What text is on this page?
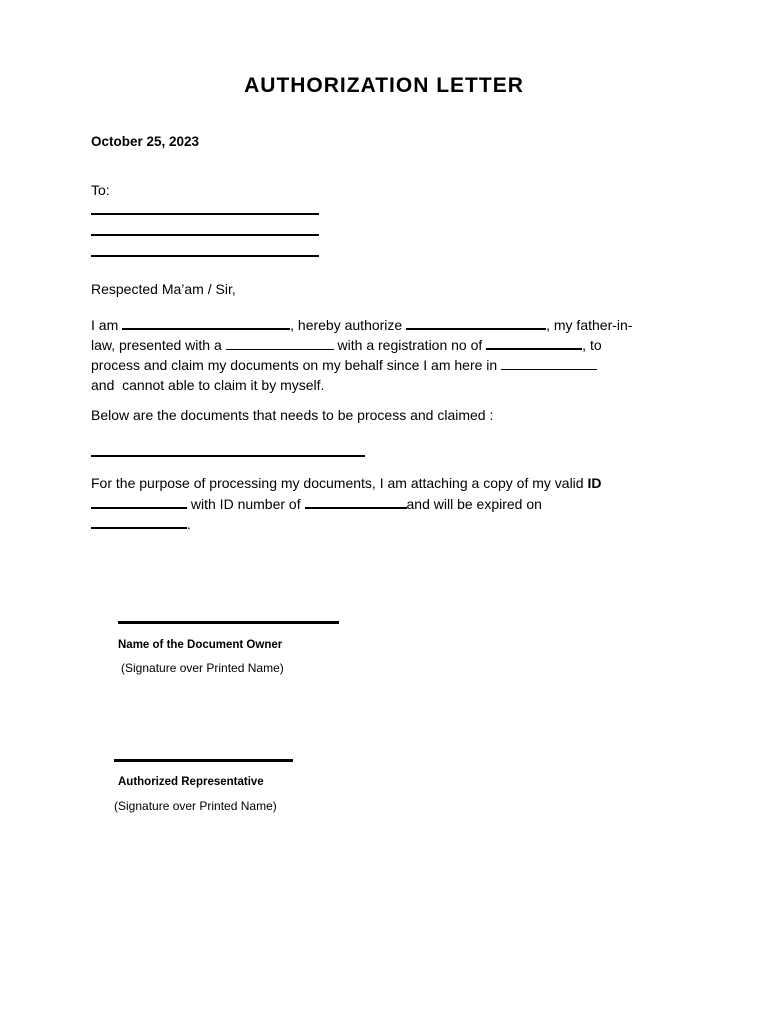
AUTHORIZATION LETTER
October 25, 2023
To:
Respected Ma’am / Sir,
I am	, hereby authorize	, my father-in-
law, presented with a	with a registration no of	, to
process and claim my documents on my behalf since I am here in
and  cannot able to claim it by myself.
Below are the documents that needs to be process and claimed :
For the purpose of processing my documents, I am attaching a copy of my valid ID
with ID number of	and will be expired on
.
Name of the Document Owner
(Signature over Printed Name)
Authorized Representative
(Signature over Printed Name)
